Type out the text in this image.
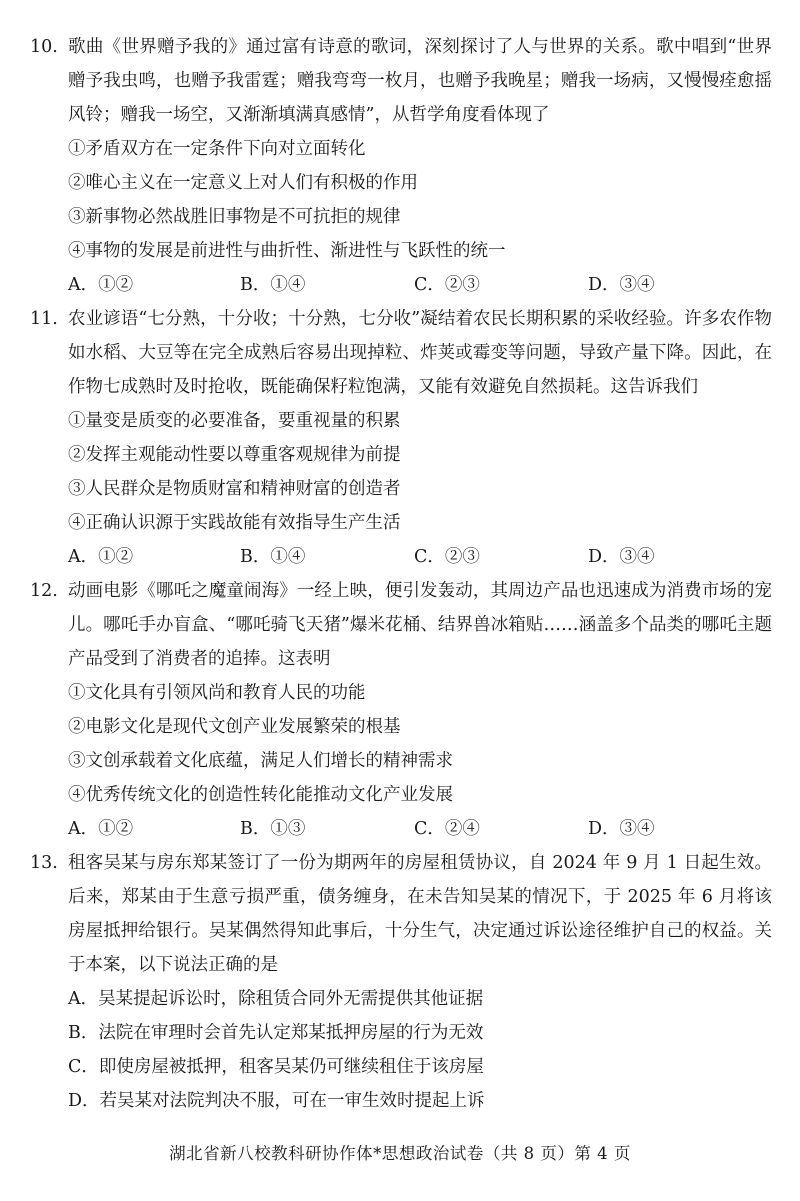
10. 歌曲《世界赠予我的》通过富有诗意的歌词，深刻探讨了人与世界的关系。歌中唱到“世界赠予我虫鸣，也赠予我雷霆；赠我弯弯一枚月，也赠予我晚星；赠我一场病，又慢慢痊愈摇风铃；赠我一场空，又渐渐填满真感情”，从哲学角度看体现了
①矛盾双方在一定条件下向对立面转化
②唯心主义在一定意义上对人们有积极的作用
③新事物必然战胜旧事物是不可抗拒的规律
④事物的发展是前进性与曲折性、渐进性与飞跃性的统一
A．①②	B．①④	C．②③	D．③④
11. 农业谚语“七分熟，十分收；十分熟，七分收”凝结着农民长期积累的采收经验。许多农作物如水稻、大豆等在完全成熟后容易出现掉粒、炸荚或霉变等问题，导致产量下降。因此，在作物七成熟时及时抢收，既能确保籽粒饱满，又能有效避免自然损耗。这告诉我们
①量变是质变的必要准备，要重视量的积累
②发挥主观能动性要以尊重客观规律为前提
③人民群众是物质财富和精神财富的创造者
④正确认识源于实践故能有效指导生产生活
A．①②	B．①④	C．②③	D．③④
12. 动画电影《哪吒之魔童闹海》一经上映，便引发轰动，其周边产品也迅速成为消费市场的宠儿。哪吒手办盲盒、“哪吒骑飞天猪”爆米花桶、结界兽冰箱贴……涵盖多个品类的哪吒主题产品受到了消费者的追捧。这表明
①文化具有引领风尚和教育人民的功能
②电影文化是现代文创产业发展繁荣的根基
③文创承载着文化底蕴，满足人们增长的精神需求
④优秀传统文化的创造性转化能推动文化产业发展
A．①②	B．①③	C．②④	D．③④
13. 租客吴某与房东郑某签订了一份为期两年的房屋租赁协议，自 2024 年 9 月 1 日起生效。后来，郑某由于生意亏损严重，债务缠身，在未告知吴某的情况下，于 2025 年 6 月将该房屋抵押给银行。吴某偶然得知此事后，十分生气，决定通过诉讼途径维护自己的权益。关于本案，以下说法正确的是
A．吴某提起诉讼时，除租赁合同外无需提供其他证据
B．法院在审理时会首先认定郑某抵押房屋的行为无效
C．即使房屋被抵押，租客吴某仍可继续租住于该房屋
D．若吴某对法院判决不服，可在一审生效时提起上诉
湖北省新八校教科研协作体*思想政治试卷（共 8 页）第 4 页
